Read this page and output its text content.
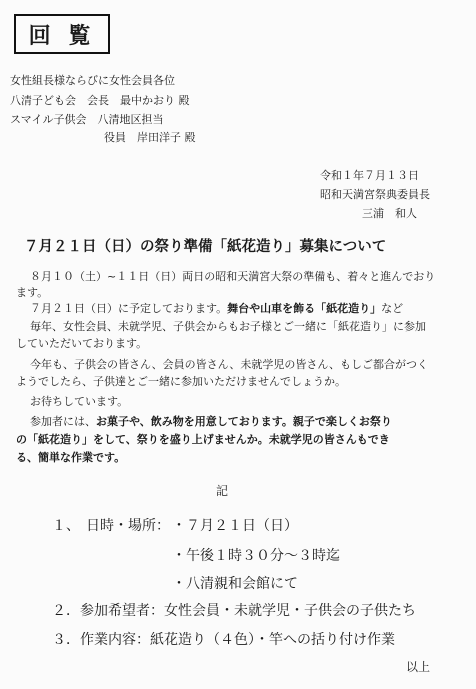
回 覧
女性組長様ならびに女性会員各位
八清子ども会　会長　最中かおり 殿
スマイル子供会　八清地区担当
役員　岸田洋子 殿
令和１年７月１３日
昭和天満宮祭典委員長
三浦　和人
７月２１日（日）の祭り準備「紙花造り」募集について
８月１０（土）~１１日（日）両日の昭和天満宮大祭の準備も、着々と進んでおり
ます。
７月２１日（日）に予定しております。舞台や山車を飾る「紙花造り」など
毎年、女性会員、未就学児、子供会からもお子様とご一緒に「紙花造り」に参加
していただいております。
今年も、子供会の皆さん、会員の皆さん、未就学児の皆さん、もしご都合がつく
ようでしたら、子供達とご一緒に参加いただけませんでしょうか。
お待ちしています。
参加者には、お菓子や、飲み物を用意しております。親子で楽しくお祭り
の「紙花造り」をして、祭りを盛り上げませんか。未就学児の皆さんもでき
る、簡単な作業です。
記
１、 日時・場所： ・７月２１日（日）
・午後１時３０分～３時迄
・八清親和会館にて
２．参加希望者：女性会員・未就学児・子供会の子供たち
３．作業内容：紙花造り（４色）・竿への括り付け作業
以上
